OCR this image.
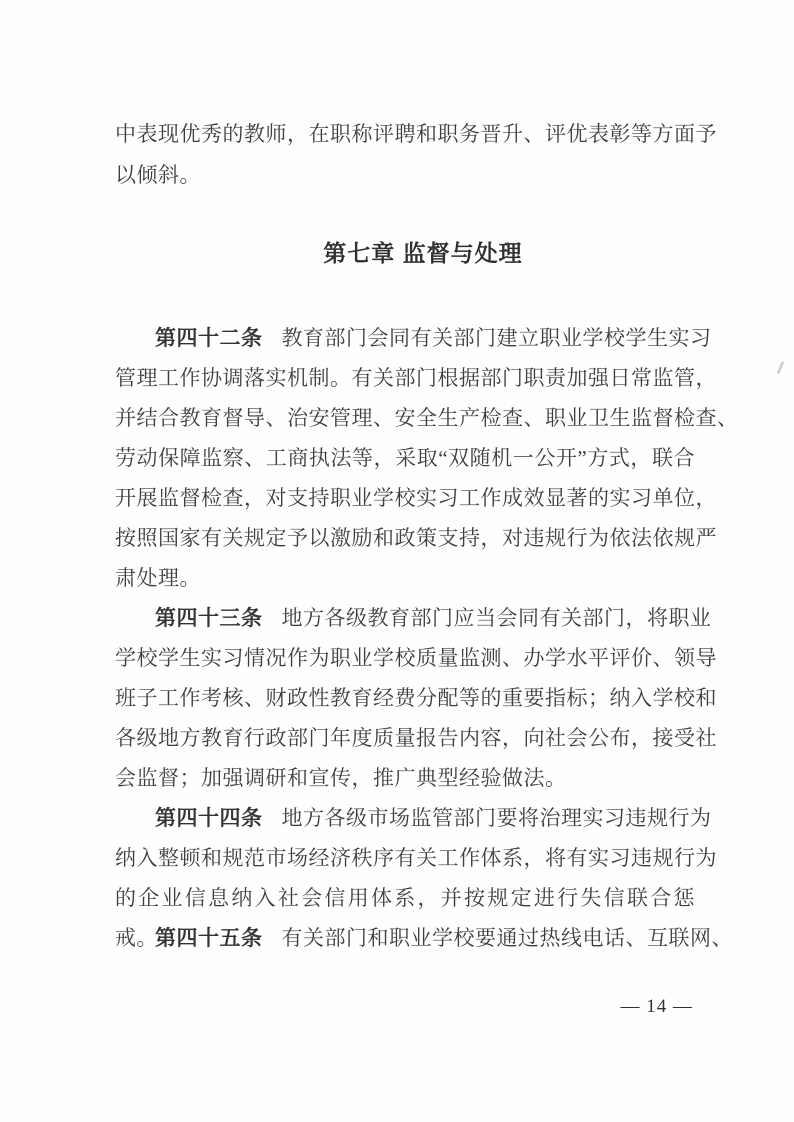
中表现优秀的教师，在职称评聘和职务晋升、评优表彰等方面予
以倾斜。
第七章 监督与处理
第四十二条 教育部门会同有关部门建立职业学校学生实习
管理工作协调落实机制。有关部门根据部门职责加强日常监管，
并结合教育督导、治安管理、安全生产检查、职业卫生监督检查、
劳动保障监察、工商执法等，采取“双随机一公开”方式，联合
开展监督检查，对支持职业学校实习工作成效显著的实习单位，
按照国家有关规定予以激励和政策支持，对违规行为依法依规严
肃处理。
第四十三条 地方各级教育部门应当会同有关部门，将职业
学校学生实习情况作为职业学校质量监测、办学水平评价、领导
班子工作考核、财政性教育经费分配等的重要指标；纳入学校和
各级地方教育行政部门年度质量报告内容，向社会公布，接受社
会监督；加强调研和宣传，推广典型经验做法。
第四十四条 地方各级市场监管部门要将治理实习违规行为
纳入整顿和规范市场经济秩序有关工作体系，将有实习违规行为
的企业信息纳入社会信用体系，并按规定进行失信联合惩戒。
第四十五条 有关部门和职业学校要通过热线电话、互联网、
— 14 —
